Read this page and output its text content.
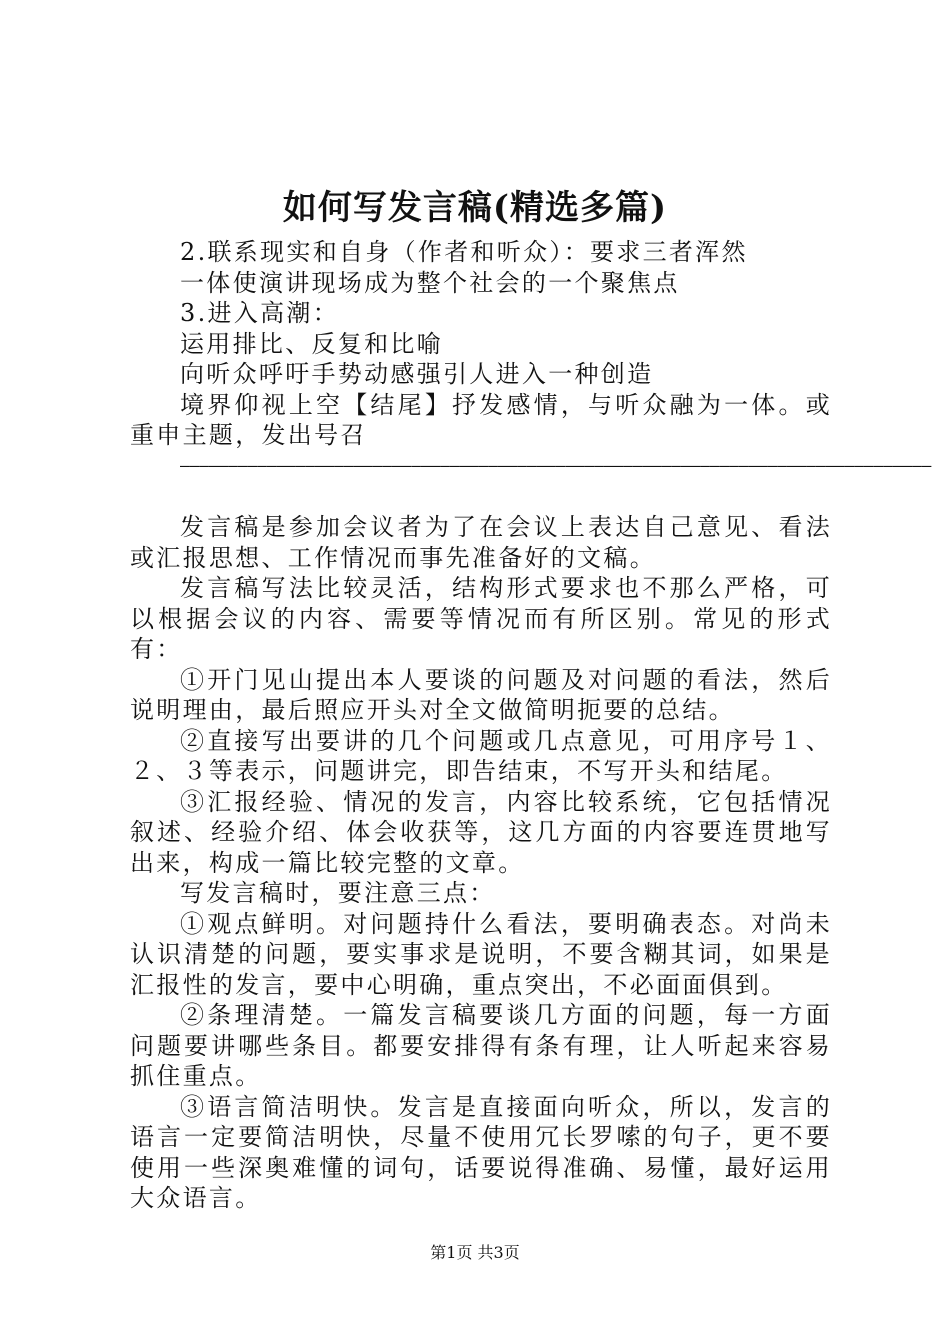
如何写发言稿(精选多篇)

2.联系现实和自身（作者和听众）：要求三者浑然

一体使演讲现场成为整个社会的一个聚焦点

3.进入高潮：

运用排比、反复和比喻

向听众呼吁手势动感强引人进入一种创造

境界仰视上空【结尾】抒发感情，与听众融为一体。或重申主题，发出号召

——————————————————————————————————————————————————————————————————————————————

发言稿是参加会议者为了在会议上表达自己意见、看法或汇报思想、工作情况而事先准备好的文稿。

发言稿写法比较灵活，结构形式要求也不那么严格，可以根据会议的内容、需要等情况而有所区别。常见的形式有：

①开门见山提出本人要谈的问题及对问题的看法，然后说明理由，最后照应开头对全文做简明扼要的总结。

②直接写出要讲的几个问题或几点意见，可用序号１、２、３等表示，问题讲完，即告结束，不写开头和结尾。

③汇报经验、情况的发言，内容比较系统，它包括情况叙述、经验介绍、体会收获等，这几方面的内容要连贯地写出来，构成一篇比较完整的文章。

写发言稿时，要注意三点：

①观点鲜明。对问题持什么看法，要明确表态。对尚未认识清楚的问题，要实事求是说明，不要含糊其词，如果是汇报性的发言，要中心明确，重点突出，不必面面俱到。

②条理清楚。一篇发言稿要谈几方面的问题，每一方面问题要讲哪些条目。都要安排得有条有理，让人听起来容易抓住重点。

③语言简洁明快。发言是直接面向听众，所以，发言的语言一定要简洁明快，尽量不使用冗长罗嗦的句子，更不要使用一些深奥难懂的词句，话要说得准确、易懂，最好运用大众语言。

第1页 共3页
